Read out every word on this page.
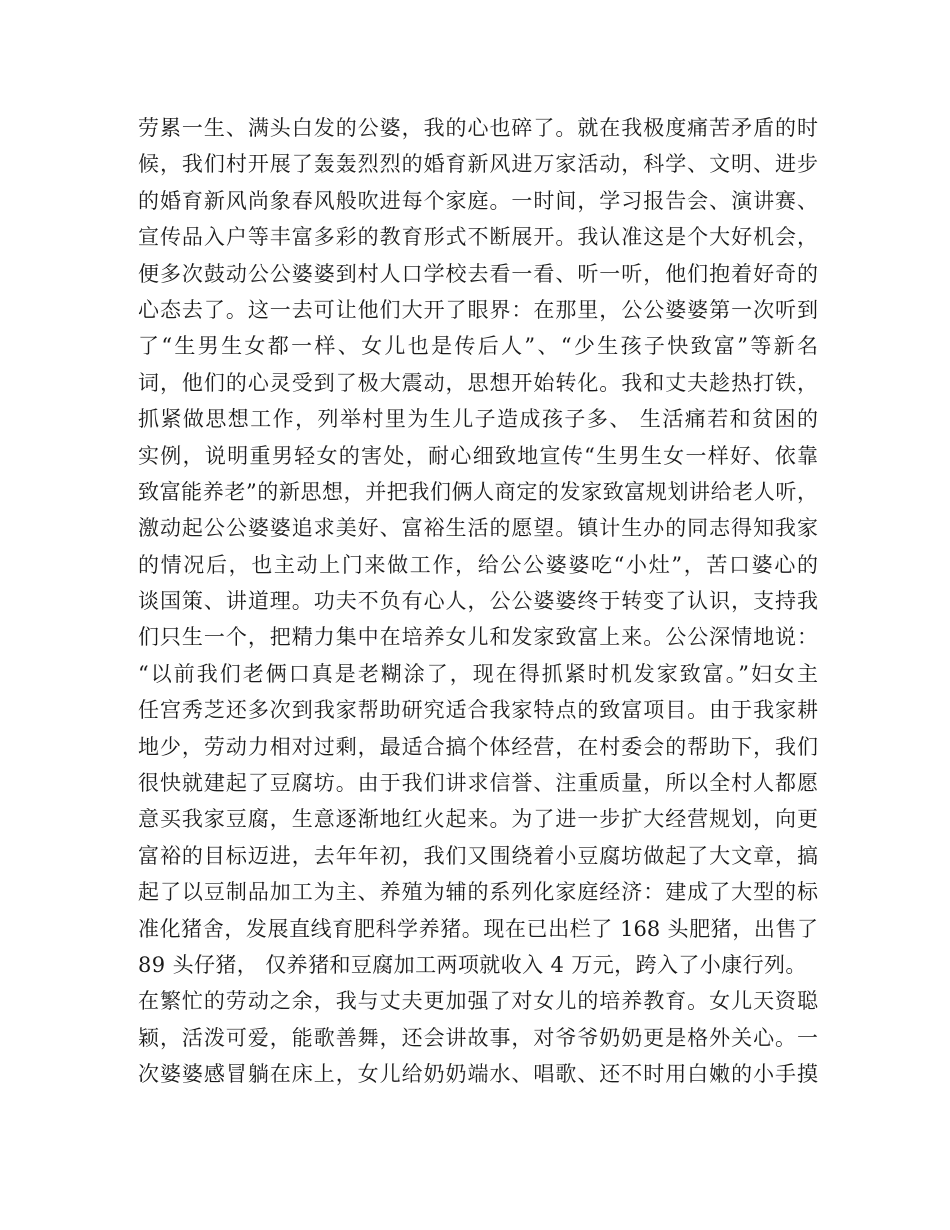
劳累一生、满头白发的公婆，我的心也碎了。就在我极度痛苦矛盾的时
候，我们村开展了轰轰烈烈的婚育新风进万家活动，科学、文明、进步
的婚育新风尚象春风般吹进每个家庭。一时间，学习报告会、演讲赛、
宣传品入户等丰富多彩的教育形式不断展开。我认准这是个大好机会，
便多次鼓动公公婆婆到村人口学校去看一看、听一听，他们抱着好奇的
心态去了。这一去可让他们大开了眼界：在那里，公公婆婆第一次听到
了“生男生女都一样、女儿也是传后人”、“少生孩子快致富”等新名
词，他们的心灵受到了极大震动，思想开始转化。我和丈夫趁热打铁，
抓紧做思想工作，列举村里为生儿子造成孩子多、 生活痛若和贫困的
实例，说明重男轻女的害处，耐心细致地宣传“生男生女一样好、依靠
致富能养老”的新思想，并把我们俩人商定的发家致富规划讲给老人听，
激动起公公婆婆追求美好、富裕生活的愿望。镇计生办的同志得知我家
的情况后，也主动上门来做工作，给公公婆婆吃“小灶”，苦口婆心的
谈国策、讲道理。功夫不负有心人，公公婆婆终于转变了认识，支持我
们只生一个，把精力集中在培养女儿和发家致富上来。公公深情地说：
“以前我们老俩口真是老糊涂了，现在得抓紧时机发家致富。”妇女主
任宫秀芝还多次到我家帮助研究适合我家特点的致富项目。由于我家耕
地少，劳动力相对过剩，最适合搞个体经营，在村委会的帮助下，我们
很快就建起了豆腐坊。由于我们讲求信誉、注重质量，所以全村人都愿
意买我家豆腐，生意逐渐地红火起来。为了进一步扩大经营规划，向更
富裕的目标迈进，去年年初，我们又围绕着小豆腐坊做起了大文章，搞
起了以豆制品加工为主、养殖为辅的系列化家庭经济：建成了大型的标
准化猪舍，发展直线育肥科学养猪。现在已出栏了 168 头肥猪，出售了
89 头仔猪， 仅养猪和豆腐加工两项就收入 4 万元，跨入了小康行列。
在繁忙的劳动之余，我与丈夫更加强了对女儿的培养教育。女儿天资聪
颖，活泼可爱，能歌善舞，还会讲故事，对爷爷奶奶更是格外关心。一
次婆婆感冒躺在床上，女儿给奶奶端水、唱歌、还不时用白嫩的小手摸
